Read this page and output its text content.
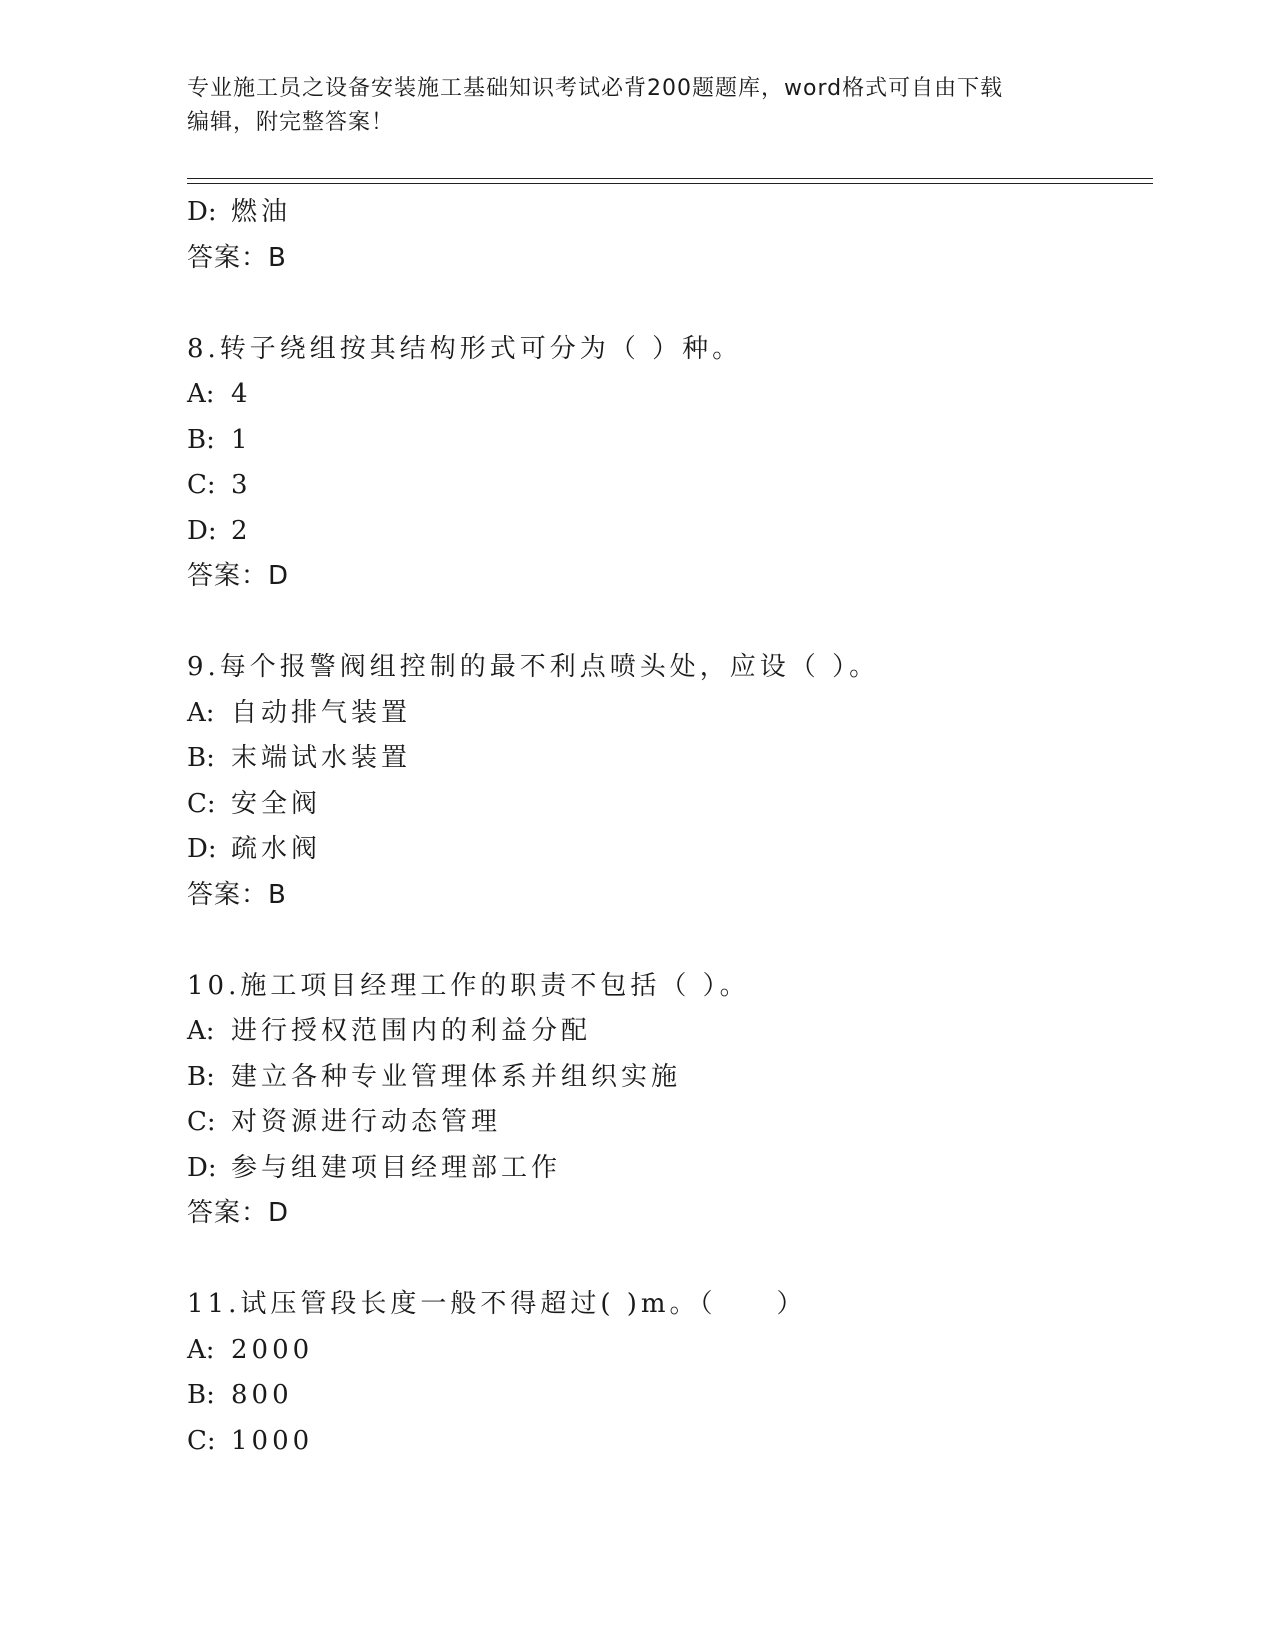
专业施工员之设备安装施工基础知识考试必背200题题库，word格式可自由下载
编辑，附完整答案！
D: 燃油
答案：B
8.转子绕组按其结构形式可分为（ ）种。
A: 4
B: 1
C: 3
D: 2
答案：D
9.每个报警阀组控制的最不利点喷头处，应设（ ）。
A: 自动排气装置
B: 末端试水装置
C: 安全阀
D: 疏水阀
答案：B
10.施工项目经理工作的职责不包括（ ）。
A: 进行授权范围内的利益分配
B: 建立各种专业管理体系并组织实施
C: 对资源进行动态管理
D: 参与组建项目经理部工作
答案：D
11.试压管段长度一般不得超过( )m。（　　）
A: 2000
B: 800
C: 1000
